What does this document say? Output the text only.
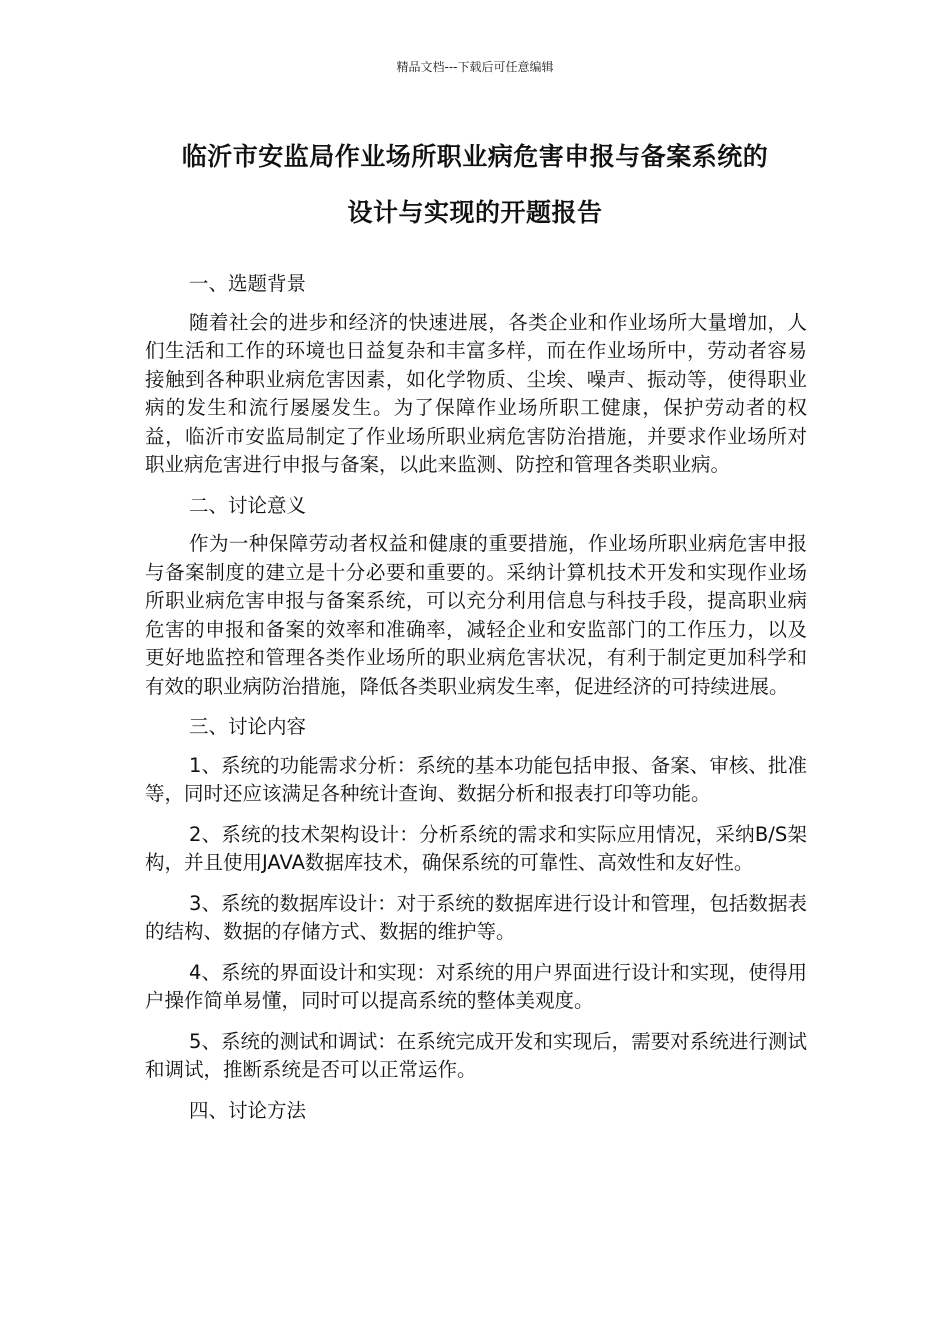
精品文档---下载后可任意编辑
临沂市安监局作业场所职业病危害申报与备案系统的
设计与实现的开题报告

一、选题背景

随着社会的进步和经济的快速进展，各类企业和作业场所大量增加，人们生活和工作的环境也日益复杂和丰富多样，而在作业场所中，劳动者容易接触到各种职业病危害因素，如化学物质、尘埃、噪声、振动等，使得职业病的发生和流行屡屡发生。为了保障作业场所职工健康，保护劳动者的权益，临沂市安监局制定了作业场所职业病危害防治措施，并要求作业场所对职业病危害进行申报与备案，以此来监测、防控和管理各类职业病。

二、讨论意义

作为一种保障劳动者权益和健康的重要措施，作业场所职业病危害申报与备案制度的建立是十分必要和重要的。采纳计算机技术开发和实现作业场所职业病危害申报与备案系统，可以充分利用信息与科技手段，提高职业病危害的申报和备案的效率和准确率，减轻企业和安监部门的工作压力，以及更好地监控和管理各类作业场所的职业病危害状况，有利于制定更加科学和有效的职业病防治措施，降低各类职业病发生率，促进经济的可持续进展。

三、讨论内容

1、系统的功能需求分析：系统的基本功能包括申报、备案、审核、批准等，同时还应该满足各种统计查询、数据分析和报表打印等功能。

2、系统的技术架构设计：分析系统的需求和实际应用情况，采纳B/S架构，并且使用JAVA数据库技术，确保系统的可靠性、高效性和友好性。

3、系统的数据库设计：对于系统的数据库进行设计和管理，包括数据表的结构、数据的存储方式、数据的维护等。

4、系统的界面设计和实现：对系统的用户界面进行设计和实现，使得用户操作简单易懂，同时可以提高系统的整体美观度。

5、系统的测试和调试：在系统完成开发和实现后，需要对系统进行测试和调试，推断系统是否可以正常运作。

四、讨论方法
